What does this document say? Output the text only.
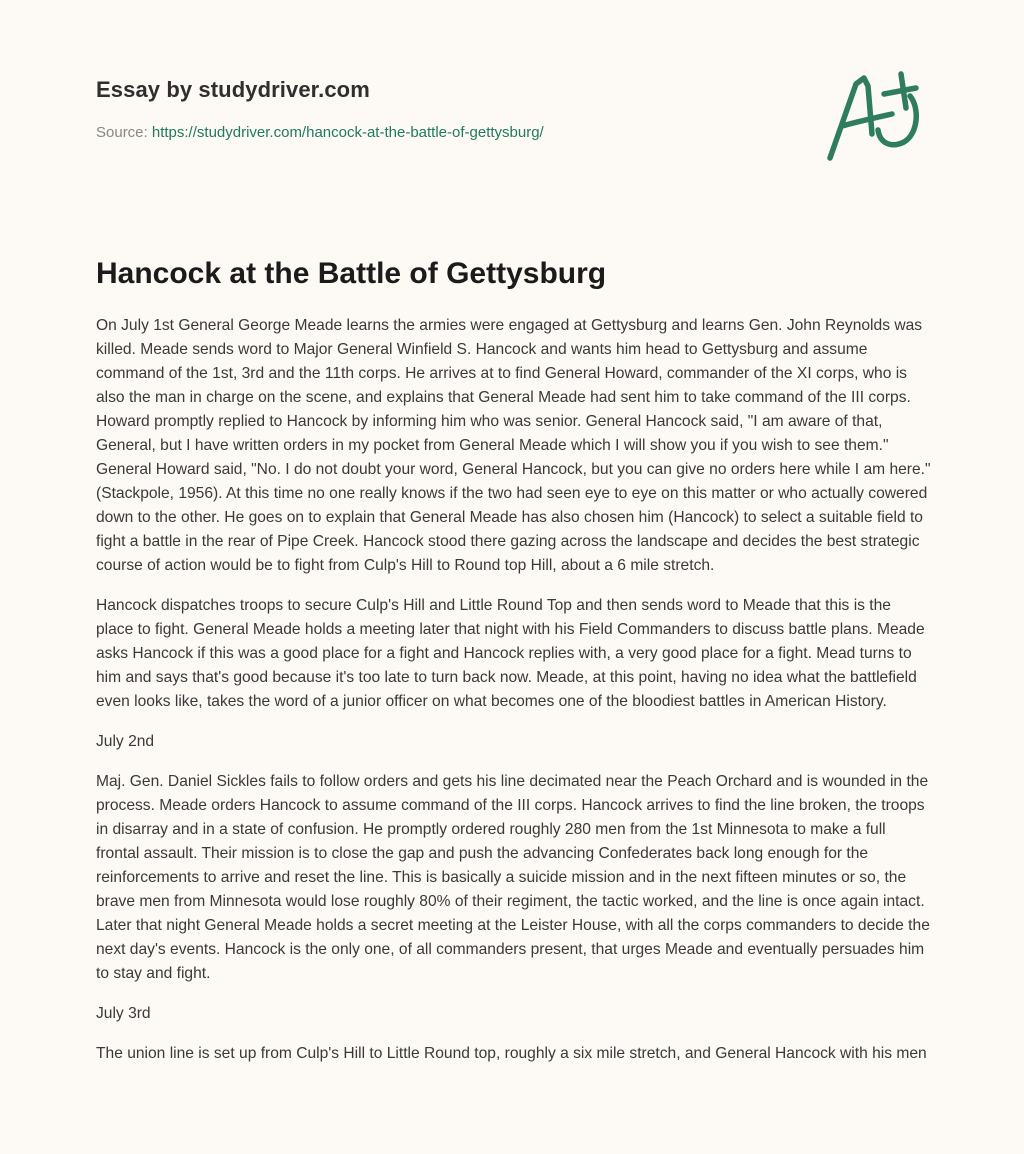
Essay by studydriver.com
Source: https://studydriver.com/hancock-at-the-battle-of-gettysburg/
Hancock at the Battle of Gettysburg

On July 1st General George Meade learns the armies were engaged at Gettysburg and learns Gen. John Reynolds was killed. Meade sends word to Major General Winfield S. Hancock and wants him head to Gettysburg and assume command of the 1st, 3rd and the 11th corps. He arrives at to find General Howard, commander of the XI corps, who is also the man in charge on the scene, and explains that General Meade had sent him to take command of the III corps. Howard promptly replied to Hancock by informing him who was senior. General Hancock said, "I am aware of that, General, but I have written orders in my pocket from General Meade which I will show you if you wish to see them." General Howard said, "No. I do not doubt your word, General Hancock, but you can give no orders here while I am here."(Stackpole, 1956). At this time no one really knows if the two had seen eye to eye on this matter or who actually cowered down to the other. He goes on to explain that General Meade has also chosen him (Hancock) to select a suitable field to fight a battle in the rear of Pipe Creek. Hancock stood there gazing across the landscape and decides the best strategic course of action would be to fight from Culp's Hill to Round top Hill, about a 6 mile stretch.

Hancock dispatches troops to secure Culp's Hill and Little Round Top and then sends word to Meade that this is the place to fight. General Meade holds a meeting later that night with his Field Commanders to discuss battle plans. Meade asks Hancock if this was a good place for a fight and Hancock replies with, a very good place for a fight. Mead turns to him and says that's good because it's too late to turn back now. Meade, at this point, having no idea what the battlefield even looks like, takes the word of a junior officer on what becomes one of the bloodiest battles in American History.

July 2nd

Maj. Gen. Daniel Sickles fails to follow orders and gets his line decimated near the Peach Orchard and is wounded in the process. Meade orders Hancock to assume command of the III corps. Hancock arrives to find the line broken, the troops in disarray and in a state of confusion. He promptly ordered roughly 280 men from the 1st Minnesota to make a full frontal assault. Their mission is to close the gap and push the advancing Confederates back long enough for the reinforcements to arrive and reset the line. This is basically a suicide mission and in the next fifteen minutes or so, the brave men from Minnesota would lose roughly 80% of their regiment, the tactic worked, and the line is once again intact. Later that night General Meade holds a secret meeting at the Leister House, with all the corps commanders to decide the next day's events. Hancock is the only one, of all commanders present, that urges Meade and eventually persuades him to stay and fight.

July 3rd

The union line is set up from Culp's Hill to Little Round top, roughly a six mile stretch, and General Hancock with his men
